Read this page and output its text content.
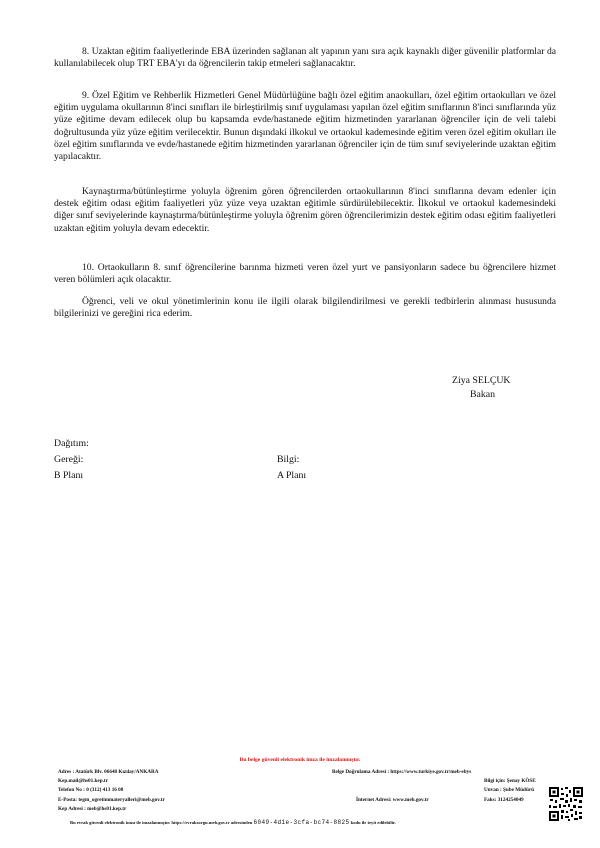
8. Uzaktan eğitim faaliyetlerinde EBA üzerinden sağlanan alt yapının yanı sıra açık kaynaklı diğer güvenilir platformlar da kullanılabilecek olup TRT EBA'yı da öğrencilerin takip etmeleri sağlanacaktır.

9. Özel Eğitim ve Rehberlik Hizmetleri Genel Müdürlüğüne bağlı özel eğitim anaokulları, özel eğitim ortaokulları ve özel eğitim uygulama okullarının 8'inci sınıfları ile birleştirilmiş sınıf uygulaması yapılan özel eğitim sınıflarının 8'inci sınıflarında yüz yüze eğitime devam edilecek olup bu kapsamda evde/hastanede eğitim hizmetinden yararlanan öğrenciler için de veli talebi doğrultusunda yüz yüze eğitim verilecektir. Bunun dışındaki ilkokul ve ortaokul kademesinde eğitim veren özel eğitim okulları ile özel eğitim sınıflarında ve evde/hastanede eğitim hizmetinden yararlanan öğrenciler için de tüm sınıf seviyelerinde uzaktan eğitim yapılacaktır.

Kaynaştırma/bütünleştirme yoluyla öğrenim gören öğrencilerden ortaokullarının 8'inci sınıflarına devam edenler için destek eğitim odası eğitim faaliyetleri yüz yüze veya uzaktan eğitimle sürdürülebilecektir. İlkokul ve ortaokul kademesindeki diğer sınıf seviyelerinde kaynaştırma/bütünleştirme yoluyla öğrenim gören öğrencilerimizin destek eğitim odası eğitim faaliyetleri uzaktan eğitim yoluyla devam edecektir.

10. Ortaokulların 8. sınıf öğrencilerine barınma hizmeti veren özel yurt ve pansiyonların sadece bu öğrencilere hizmet veren bölümleri açık olacaktır.

Öğrenci, veli ve okul yönetimlerinin konu ile ilgili olarak bilgilendirilmesi ve gerekli tedbirlerin alınması hususunda bilgilerinizi ve gereğini rica ederim.

Ziya SELÇUK
Bakan
Dağıtım:
Gereği:
B Planı
Bilgi:
A Planı
Bu belge güvenli elektronik imza ile imzalanmıştır.
Adres : Atatürk Blv. 06648 Kızılay/ANKARA
Kep.mail@hs01.kep.tr
Telefon No : 0 (312) 413 16 08
E-Posta: tegm_ogretimmateryalleri@meb.gov.tr
Kep Adresi : meb@hs01.kep.tr
Belge Doğrulama Adresi : https://www.turkiye.gov.tr/meb-ebys
Bilgi için: Şenay KÖSE
Unvan : Şube Müdürü
İnternet Adresi: www.meb.gov.tr	Faks: 3124254049
Bu evrak güvenli elektronik imza ile imzalanmıştır. https://evraksorgu.meb.gov.tr adresinden 6049-4d1e-3cfa-bc74-8825 kodu ile teyit edilebilir.
